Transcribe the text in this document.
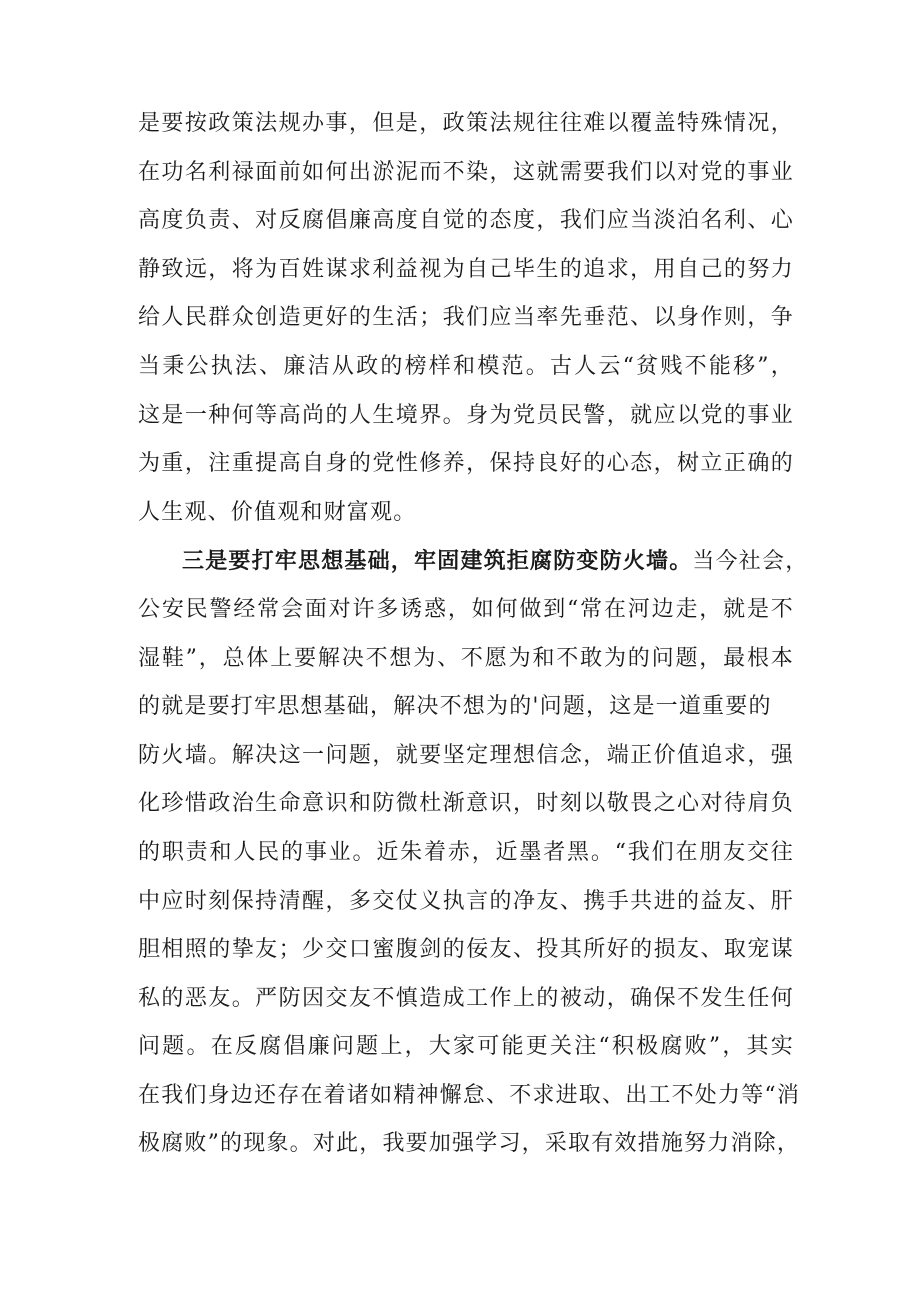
是要按政策法规办事，但是，政策法规往往难以覆盖特殊情况，
在功名利禄面前如何出淤泥而不染，这就需要我们以对党的事业
高度负责、对反腐倡廉高度自觉的态度，我们应当淡泊名利、心
静致远，将为百姓谋求利益视为自己毕生的追求，用自己的努力
给人民群众创造更好的生活；我们应当率先垂范、以身作则，争
当秉公执法、廉洁从政的榜样和模范。古人云“贫贱不能移”，
这是一种何等高尚的人生境界。身为党员民警，就应以党的事业
为重，注重提高自身的党性修养，保持良好的心态，树立正确的
人生观、价值观和财富观。
三是要打牢思想基础，牢固建筑拒腐防变防火墙。当今社会，
公安民警经常会面对许多诱惑，如何做到“常在河边走，就是不
湿鞋”，总体上要解决不想为、不愿为和不敢为的问题，最根本
的就是要打牢思想基础，解决不想为的'问题，这是一道重要的
防火墙。解决这一问题，就要坚定理想信念，端正价值追求，强
化珍惜政治生命意识和防微杜渐意识，时刻以敬畏之心对待肩负
的职责和人民的事业。近朱着赤，近墨者黑。“我们在朋友交往
中应时刻保持清醒，多交仗义执言的净友、携手共进的益友、肝
胆相照的挚友；少交口蜜腹剑的佞友、投其所好的损友、取宠谋
私的恶友。严防因交友不慎造成工作上的被动，确保不发生任何
问题。在反腐倡廉问题上，大家可能更关注“积极腐败”，其实
在我们身边还存在着诸如精神懈怠、不求进取、出工不处力等“消
极腐败”的现象。对此，我要加强学习，采取有效措施努力消除，
